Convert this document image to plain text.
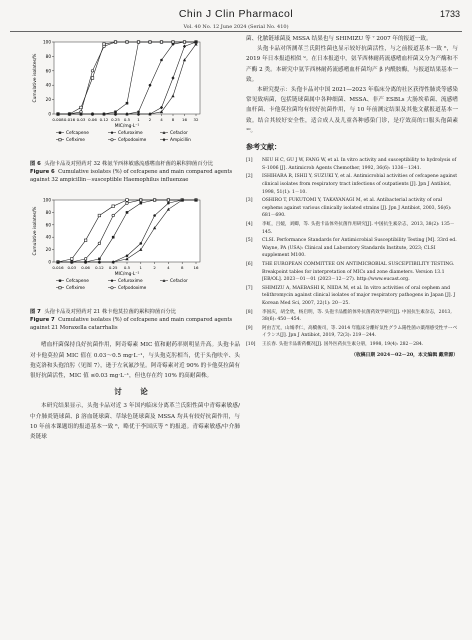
Chin J Clin Pharmacol	1733
Vol. 40 No. 12 June 2024 (Serial No. 410)
0
20
40
60
80
100
0.008 0.016 0.03 0.06 0.12 0.25 0.5 1 2 4 8 16 32
Cumulative isolates/%
MIC/mg·L⁻¹
Cefcapene	Cefuroxime	Cefaclor
Cefixime	Cefpodoxime	Ampicillin

图 6 头孢卡品及对照药对 32 株氨苄西林敏感流感嗜血杆菌的累积抑菌百分比

Figure 6 Cumulative isolates (%) of cefcapene and main compared agents against 32 ampicillin－susceptible Haemophilus influenzae

0
20
40
60
80
100
0.016 0.03 0.06 0.12 0.25 0.5 1	2	4	8	16
Cumulative isolates/%
MIC/mg·L⁻¹
Cefcapene	Cefuroxime	Cefaclor
Cefixime	Cefpodoxime

图 7 头孢卡品及对照药对 21 株卡他莫拉菌的累积抑菌百分比

Figure 7 Cumulative isolates (%) of cefcapene and main compared agents against 21 Moraxella catarrhalis

嗜血杆菌保持良好抗菌作用，阿奇霉素 MIC 值和耐药率则明显升高。头孢卡品对卡他莫拉菌 MIC 值在 0.03～0.5 mg·L⁻¹，与头孢克肟相当，优于头孢呋辛、头孢克洛和头孢泊肟（见图 7），逊于左氧氟沙星。阿奇霉素对近 90% 的卡他莫拉菌有很好抗菌活性，MIC 值 ≤0.03 mg·L⁻¹，但也存在约 10% 的高耐菌株。

讨 论

本研究结果显示，头孢卡品对近 3 年国内临床分离革兰氏阳性菌中青霉素敏感/中介肺炎链球菌、β 溶血链球菌、草绿色链球菌及 MSSA 均具有较好抗菌作用，与 10 年前本课题组的报道基本一致 ⁶，略优于李国庆等 ⁸ 的报道。青霉素敏感/中介肺炎链球

菌、化脓链球菌及 MSSA 结果也与 SHIMIZU 等 ⁷ 2007 年的报道一致。

头孢卡品对所测革兰氏阴性菌也显示较好抗菌活性，与之前报道基本一致 ⁶，与 2019 年日本报道相似 ⁹。在日本报道中，氨苄西林耐药流感嗜血杆菌又分为产酶和不产酶 2 类。本研究中氨苄西林耐药流感嗜血杆菌均产 β 内酰胺酶，与报道结果基本一致。

本研究提示：头孢卡品对中国 2021—2023 年临床分离的社区获得性肺炎等感染常见致病菌，包括链球菌属中各种细菌、MSSA、非产 ESBLs 大肠埃希菌、流感嗜血杆菌、卡他莫拉菌均有较好抗菌作用，与 10 年前测定结果及其他文献报道基本一致。结合其较好安全性，适合成人及儿童各种感染门诊，是疗效高的口服头孢菌素 ¹⁰。

参考文献：
[1]	NEU H C, GU J W, FANG W, et al. In vitro activity and susceptibility to hydrolysis of S-1006 [J]. Antimicrob Agents Chemother, 1992, 36(6): 1336－1341.
[2]	ISHIHARA R, ISHII Y, SUZUKI Y, et al. Antimicrobial activities of cefcapene against clinical isolates from respiratory tract infections of outpatients [J]. Jpn J Antibiot, 1998, 51(1): 1－10.
[3]	OSHIRO T, FUKUTOMI Y, TAKAYANAGI M, et al. Antibacterial activity of oral cephems against various clinically isolated strains [J]. Jpn J Antibiot, 2003, 56(6): 681－690.
[4]	李虹，吕媛，刘卿，等. 头孢卡品体外抗菌作用研究[J]. 中国抗生素杂志，2013, 38(2): 135－145.
[5]	CLSI. Performance Standards for Antimicrobial Susceptibility Testing [M]. 33rd ed. Wayne, PA (USA): Clinical and Laboratory Standards Institute, 2023; CLSI supplement M100.
[6]	THE EUROPEAN COMMITTEE ON ANTIMICROBIAL SUSCEPTIBILITY TESTING. Breakpoint tables for interpretation of MICs and zone diameters. Version 13.1 [EB/OL]. 2023－01－01 (2023－12－27). http://www.eucast.org.
[7]	SHIMIZU A, MAEBASHI K, NIIDA M, et al. In vitro activities of oral cephem and telithromycin against clinical isolates of major respiratory pathogens in Japan [J]. J Korean Med Sci, 2007, 22(1): 20－25.
[8]	李国庆，胡全欣，杨启明，等. 头孢卡品酯的体外抗菌药效学研究[J]. 中国抗生素杂志，2013, 38(6): 450－454.
[9]	阿由吉光，山城孝仁，高橋俊司，等. 2014 年臨床分離好気性グラム陽性菌の薬剤感受性サーベイランス[J]. Jpn J Antibiot, 2019, 72(3): 219－244.
[10]	王长春. 头孢卡品新药概况[J]. 国外医药抗生素分册，1998, 19(4): 282－284.
（收稿日期 2024－02－20，本文编辑 戴荣源）
